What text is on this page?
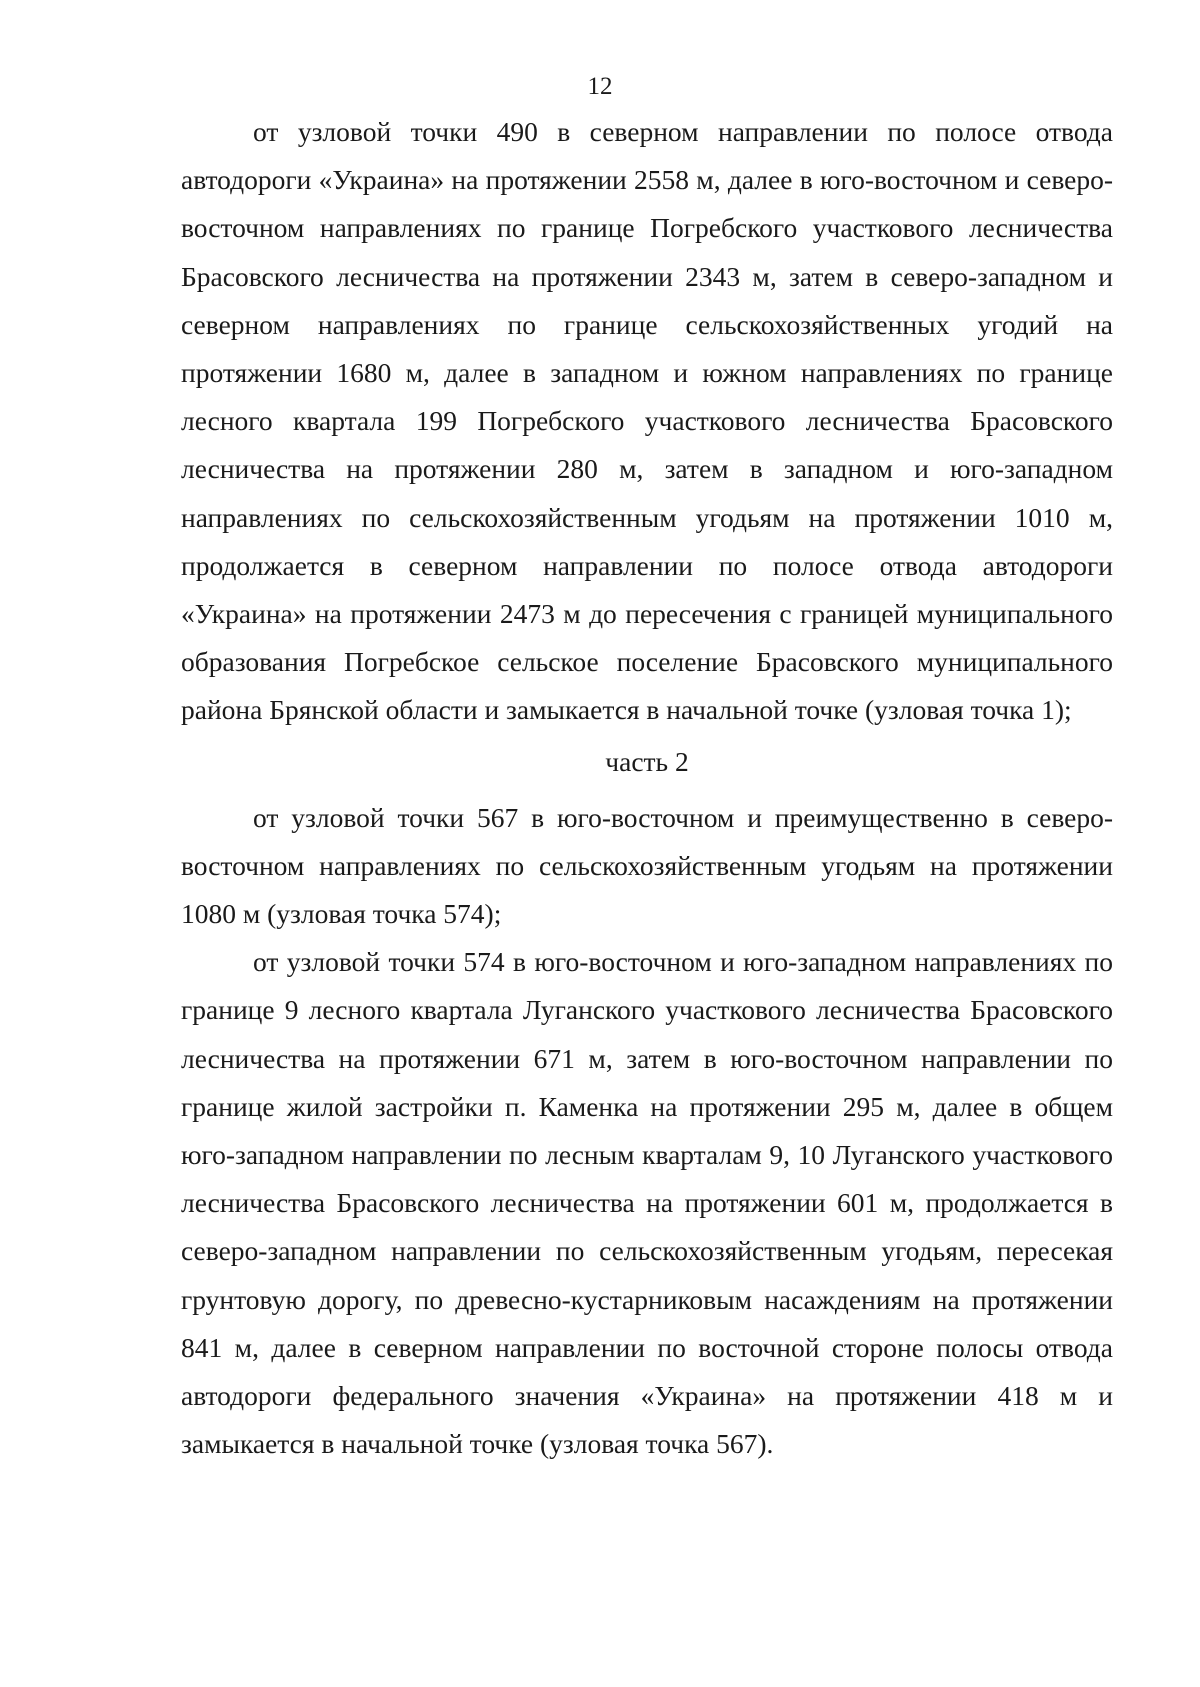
12

от узловой точки 490 в северном направлении по полосе отвода автодороги «Украина» на протяжении 2558 м, далее в юго-восточном и северо-восточном направлениях по границе Погребского участкового лесничества Брасовского лесничества на протяжении 2343 м, затем в северо-западном и северном направлениях по границе сельскохозяйственных угодий на протяжении 1680 м, далее в западном и южном направлениях по границе лесного квартала 199 Погребского участкового лесничества Брасовского лесничества на протяжении 280 м, затем в западном и юго-западном направлениях по сельскохозяйственным угодьям на протяжении 1010 м, продолжается в северном направлении по полосе отвода автодороги «Украина» на протяжении 2473 м до пересечения с границей муниципального образования Погребское сельское поселение Брасовского муниципального района Брянской области и замыкается в начальной точке (узловая точка 1);

часть 2

от узловой точки 567 в юго-восточном и преимущественно в северо-восточном направлениях по сельскохозяйственным угодьям на протяжении 1080 м (узловая точка 574);

от узловой точки 574 в юго-восточном и юго-западном направлениях по границе 9 лесного квартала Луганского участкового лесничества Брасовского лесничества на протяжении 671 м, затем в юго-восточном направлении по границе жилой застройки п. Каменка на протяжении 295 м, далее в общем юго-западном направлении по лесным кварталам 9, 10 Луганского участкового лесничества Брасовского лесничества на протяжении 601 м, продолжается в северо-западном направлении по сельскохозяйственным угодьям, пересекая грунтовую дорогу, по древесно-кустарниковым насаждениям на протяжении 841 м, далее в северном направлении по восточной стороне полосы отвода автодороги федерального значения «Украина» на протяжении 418 м и замыкается в начальной точке (узловая точка 567).
